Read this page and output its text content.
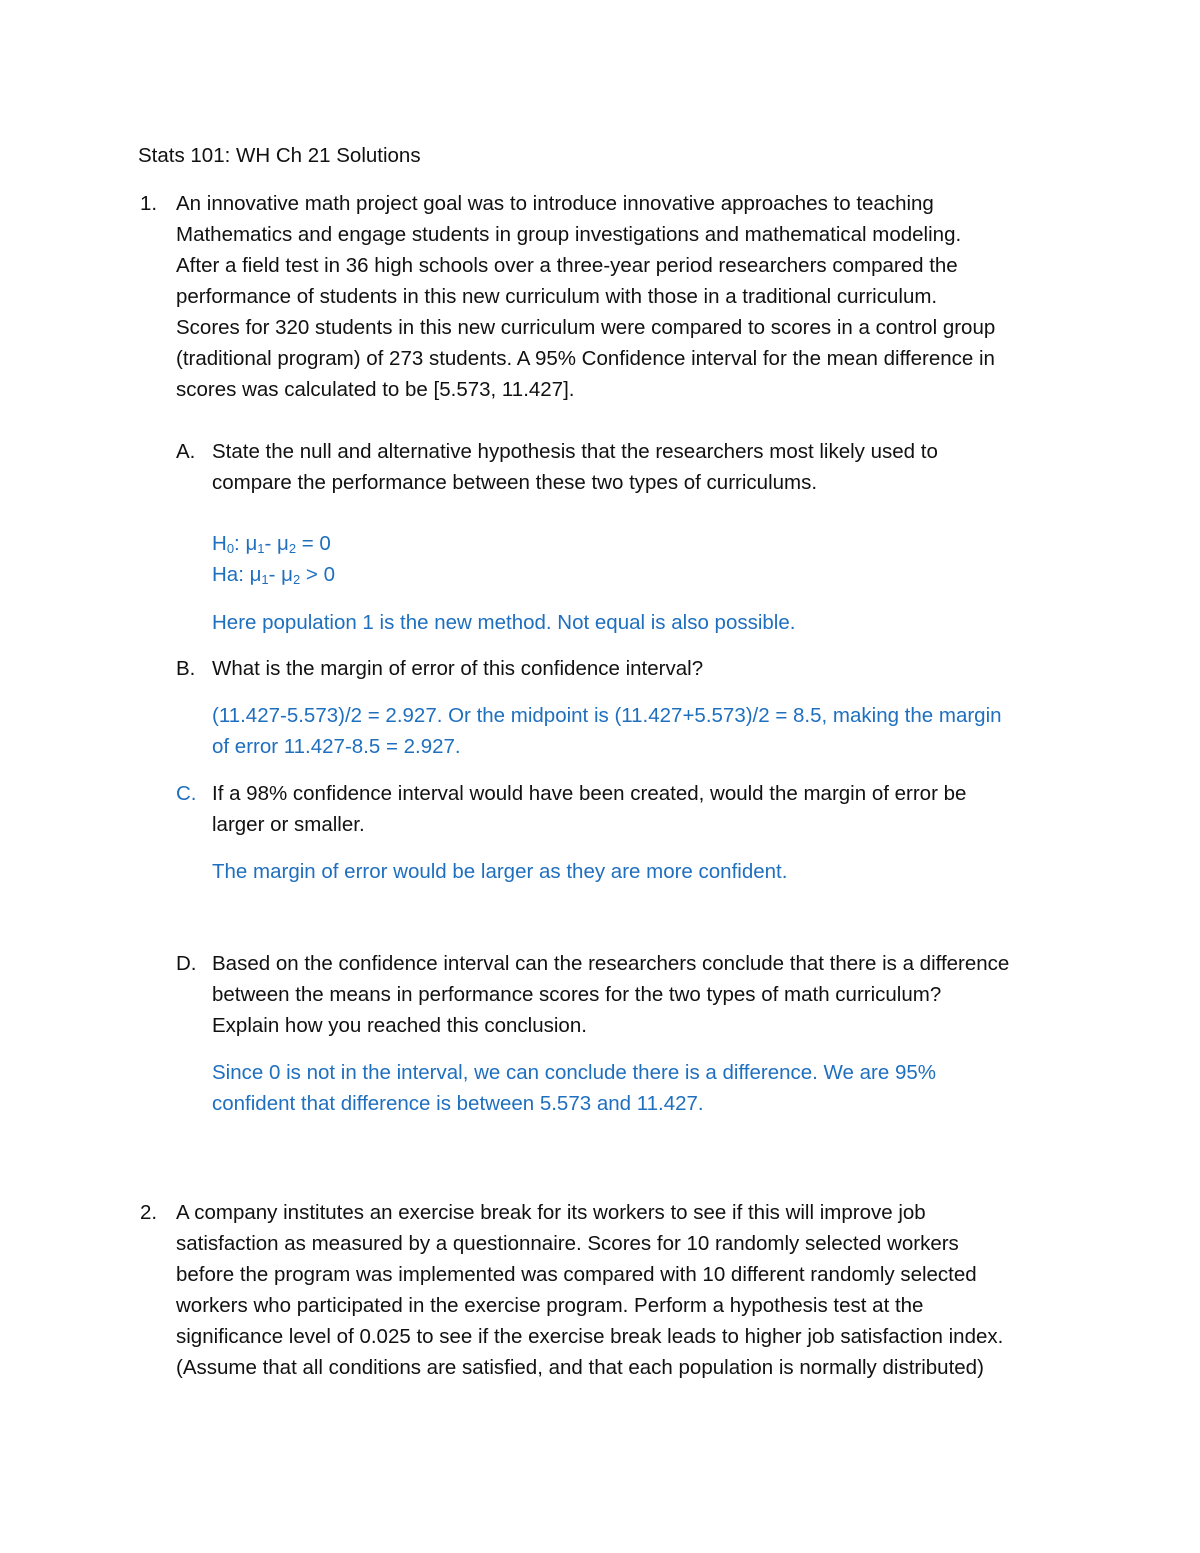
Stats 101: WH Ch 21 Solutions
1. An innovative math project goal was to introduce innovative approaches to teaching
Mathematics and engage students in group investigations and mathematical modeling.
After a field test in 36 high schools over a three-year period researchers compared the
performance of students in this new curriculum with those in a traditional curriculum.
Scores for 320 students in this new curriculum were compared to scores in a control group
(traditional program) of 273 students. A 95% Confidence interval for the mean difference in
scores was calculated to be [5.573, 11.427].
A. State the null and alternative hypothesis that the researchers most likely used to
compare the performance between these two types of curriculums.
$H_0$: $\mu_1-$ $\mu_2 = 0$
Ha: $\mu_1-$ $\mu_2 > 0$
Here population 1 is the new method. Not equal is also possible.
B. What is the margin of error of this confidence interval?
(11.427-5.573)/2 = 2.927. Or the midpoint is (11.427+5.573)/2 = 8.5, making the margin
of error 11.427-8.5 = 2.927.
C. If a 98% confidence interval would have been created, would the margin of error be
larger or smaller.
The margin of error would be larger as they are more confident.
D. Based on the confidence interval can the researchers conclude that there is a difference
between the means in performance scores for the two types of math curriculum?
Explain how you reached this conclusion.
Since 0 is not in the interval, we can conclude there is a difference. We are 95%
confident that difference is between 5.573 and 11.427.
2. A company institutes an exercise break for its workers to see if this will improve job
satisfaction as measured by a questionnaire. Scores for 10 randomly selected workers
before the program was implemented was compared with 10 different randomly selected
workers who participated in the exercise program. Perform a hypothesis test at the
significance level of 0.025 to see if the exercise break leads to higher job satisfaction index.
(Assume that all conditions are satisfied, and that each population is normally distributed)
